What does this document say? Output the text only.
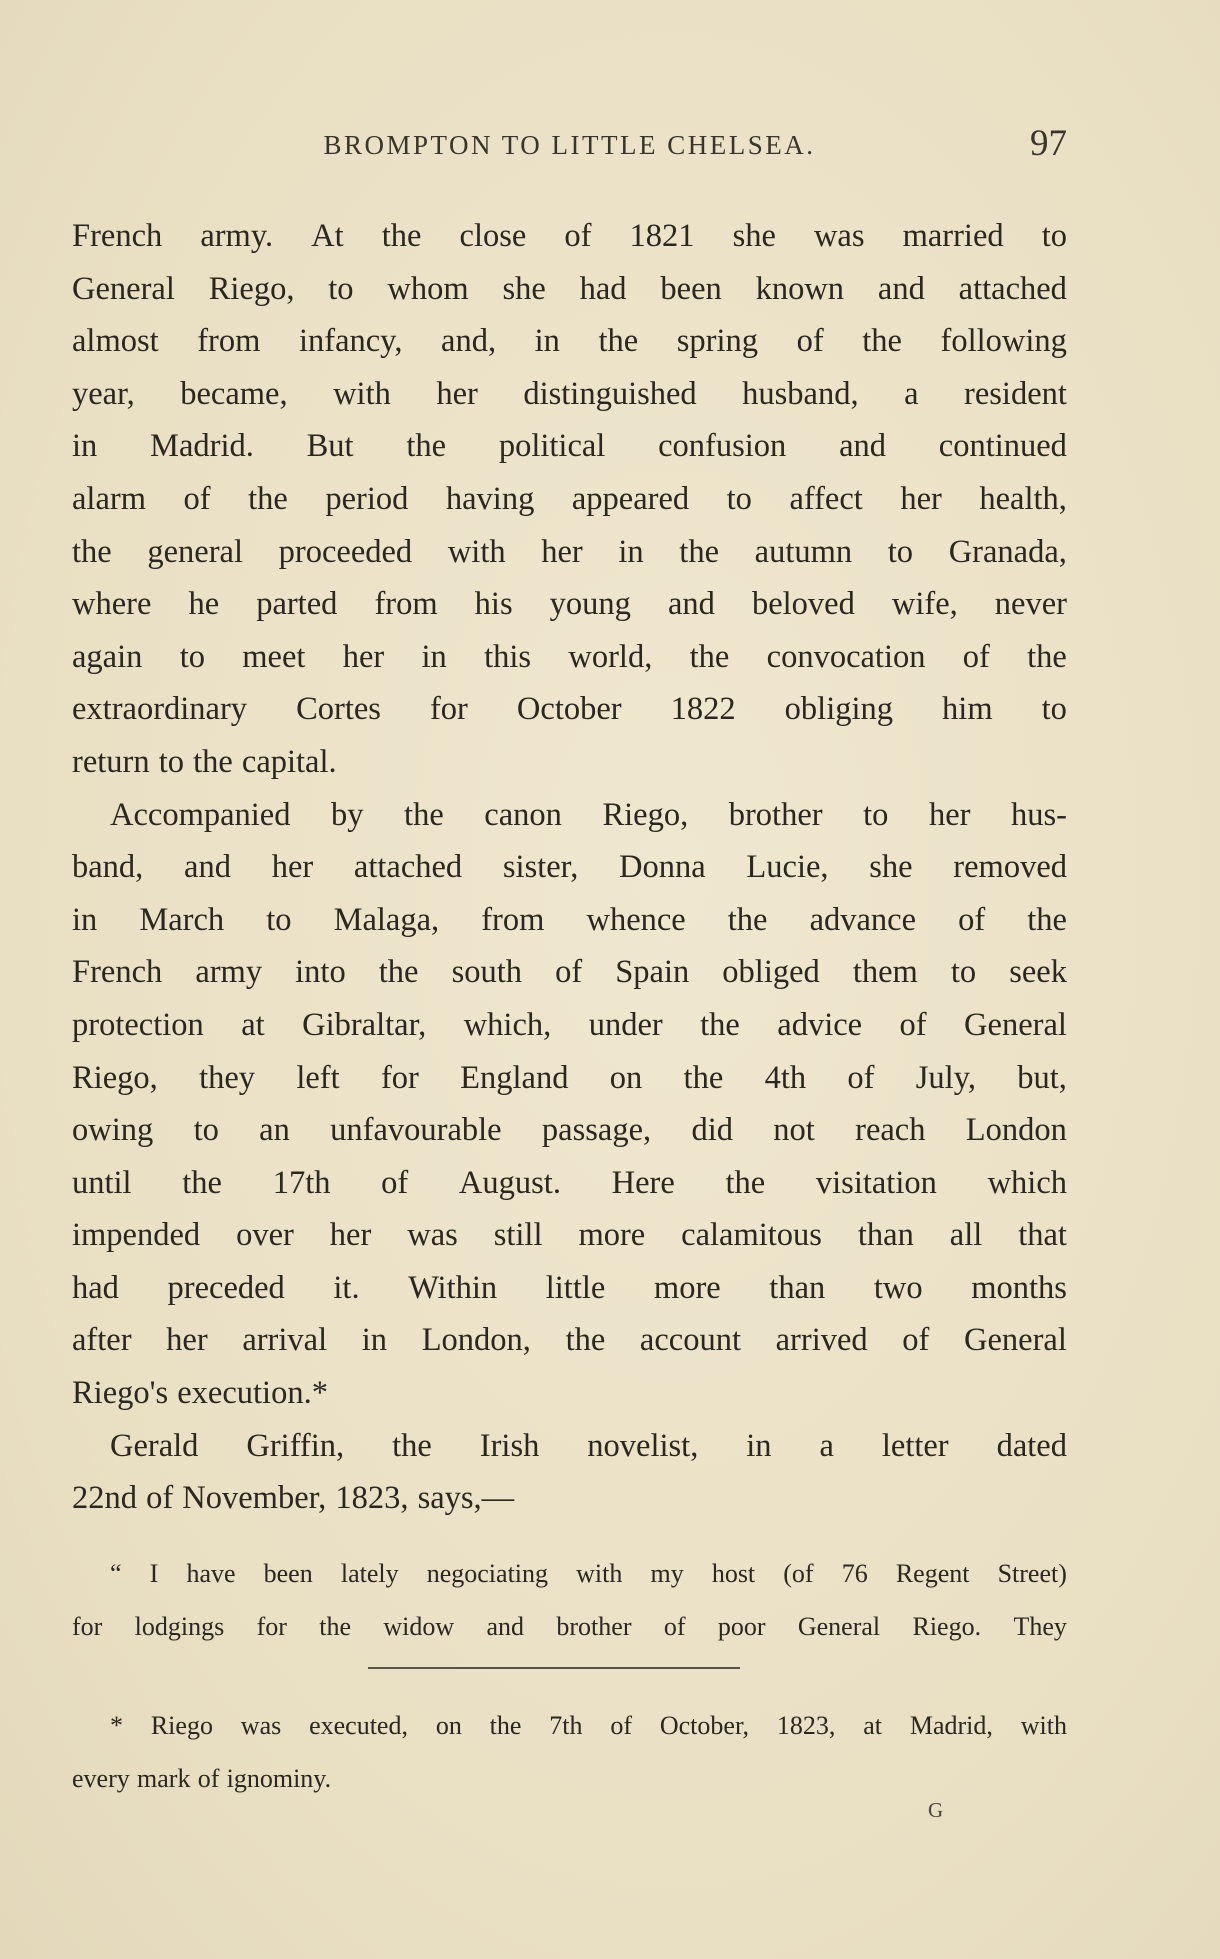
BROMPTON TO LITTLE CHELSEA.	97
French army. At the close of 1821 she was married to
General Riego, to whom she had been known and attached
almost from infancy, and, in the spring of the following
year, became, with her distinguished husband, a resident
in Madrid. But the political confusion and continued
alarm of the period having appeared to affect her health,
the general proceeded with her in the autumn to Granada,
where he parted from his young and beloved wife, never
again to meet her in this world, the convocation of the
extraordinary Cortes for October 1822 obliging him to
return to the capital.
Accompanied by the canon Riego, brother to her hus-
band, and her attached sister, Donna Lucie, she removed
in March to Malaga, from whence the advance of the
French army into the south of Spain obliged them to seek
protection at Gibraltar, which, under the advice of General
Riego, they left for England on the 4th of July, but,
owing to an unfavourable passage, did not reach London
until the 17th of August. Here the visitation which
impended over her was still more calamitous than all that
had preceded it. Within little more than two months
after her arrival in London, the account arrived of General
Riego's execution.*
Gerald Griffin, the Irish novelist, in a letter dated
22nd of November, 1823, says,—
“ I have been lately negociating with my host (of 76 Regent Street)
for lodgings for the widow and brother of poor General Riego. They
* Riego was executed, on the 7th of October, 1823, at Madrid, with
every mark of ignominy.
G
